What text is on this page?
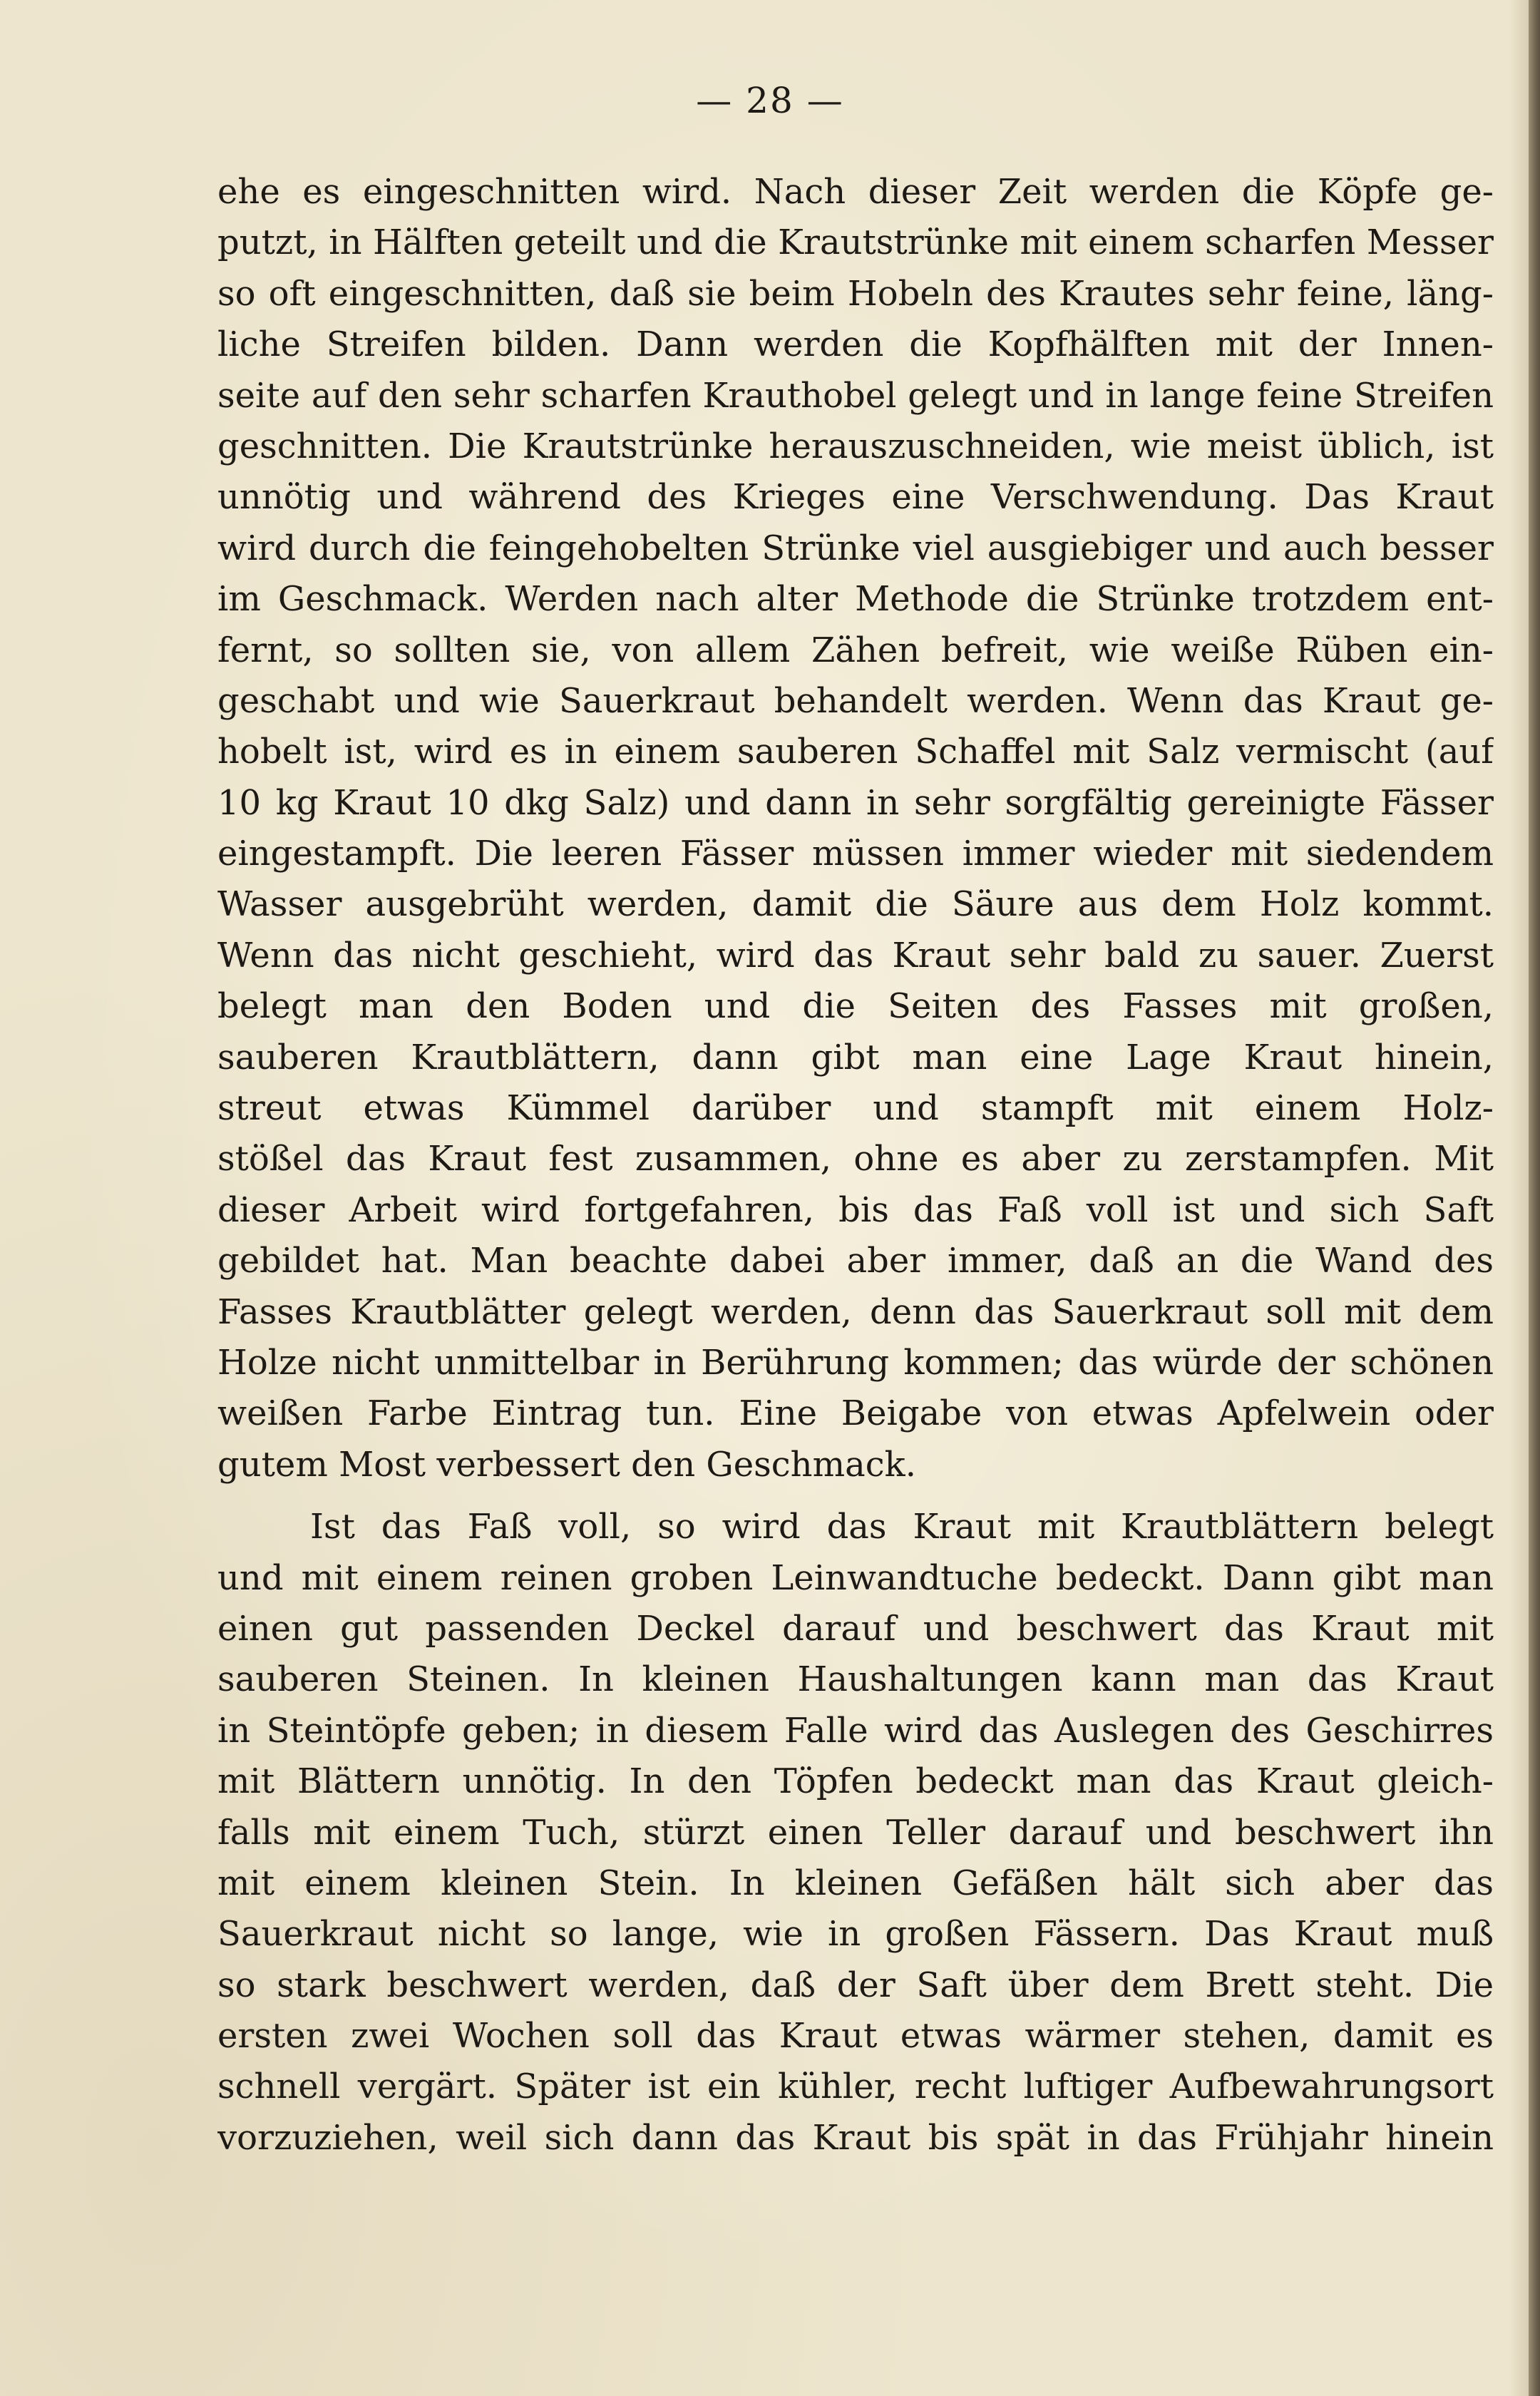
— 28 —
ehe es eingeschnitten wird. Nach dieser Zeit werden die Köpfe ge-
putzt, in Hälften geteilt und die Krautstrünke mit einem scharfen Messer
so oft eingeschnitten, daß sie beim Hobeln des Krautes sehr feine, läng-
liche Streifen bilden. Dann werden die Kopfhälften mit der Innen-
seite auf den sehr scharfen Krauthobel gelegt und in lange feine Streifen
geschnitten. Die Krautstrünke herauszuschneiden, wie meist üblich, ist
unnötig und während des Krieges eine Verschwendung. Das Kraut
wird durch die feingehobelten Strünke viel ausgiebiger und auch besser
im Geschmack. Werden nach alter Methode die Strünke trotzdem ent-
fernt, so sollten sie, von allem Zähen befreit, wie weiße Rüben ein-
geschabt und wie Sauerkraut behandelt werden. Wenn das Kraut ge-
hobelt ist, wird es in einem sauberen Schaffel mit Salz vermischt (auf
10 kg Kraut 10 dkg Salz) und dann in sehr sorgfältig gereinigte Fässer
eingestampft. Die leeren Fässer müssen immer wieder mit siedendem
Wasser ausgebrüht werden, damit die Säure aus dem Holz kommt.
Wenn das nicht geschieht, wird das Kraut sehr bald zu sauer. Zuerst
belegt man den Boden und die Seiten des Fasses mit großen,
sauberen Krautblättern, dann gibt man eine Lage Kraut hinein,
streut etwas Kümmel darüber und stampft mit einem Holz-
stößel das Kraut fest zusammen, ohne es aber zu zerstampfen. Mit
dieser Arbeit wird fortgefahren, bis das Faß voll ist und sich Saft
gebildet hat. Man beachte dabei aber immer, daß an die Wand des
Fasses Krautblätter gelegt werden, denn das Sauerkraut soll mit dem
Holze nicht unmittelbar in Berührung kommen; das würde der schönen
weißen Farbe Eintrag tun. Eine Beigabe von etwas Apfelwein oder
gutem Most verbessert den Geschmack.
Ist das Faß voll, so wird das Kraut mit Krautblättern belegt
und mit einem reinen groben Leinwandtuche bedeckt. Dann gibt man
einen gut passenden Deckel darauf und beschwert das Kraut mit
sauberen Steinen. In kleinen Haushaltungen kann man das Kraut
in Steintöpfe geben; in diesem Falle wird das Auslegen des Geschirres
mit Blättern unnötig. In den Töpfen bedeckt man das Kraut gleich-
falls mit einem Tuch, stürzt einen Teller darauf und beschwert ihn
mit einem kleinen Stein. In kleinen Gefäßen hält sich aber das
Sauerkraut nicht so lange, wie in großen Fässern. Das Kraut muß
so stark beschwert werden, daß der Saft über dem Brett steht. Die
ersten zwei Wochen soll das Kraut etwas wärmer stehen, damit es
schnell vergärt. Später ist ein kühler, recht luftiger Aufbewahrungsort
vorzuziehen, weil sich dann das Kraut bis spät in das Frühjahr hinein
